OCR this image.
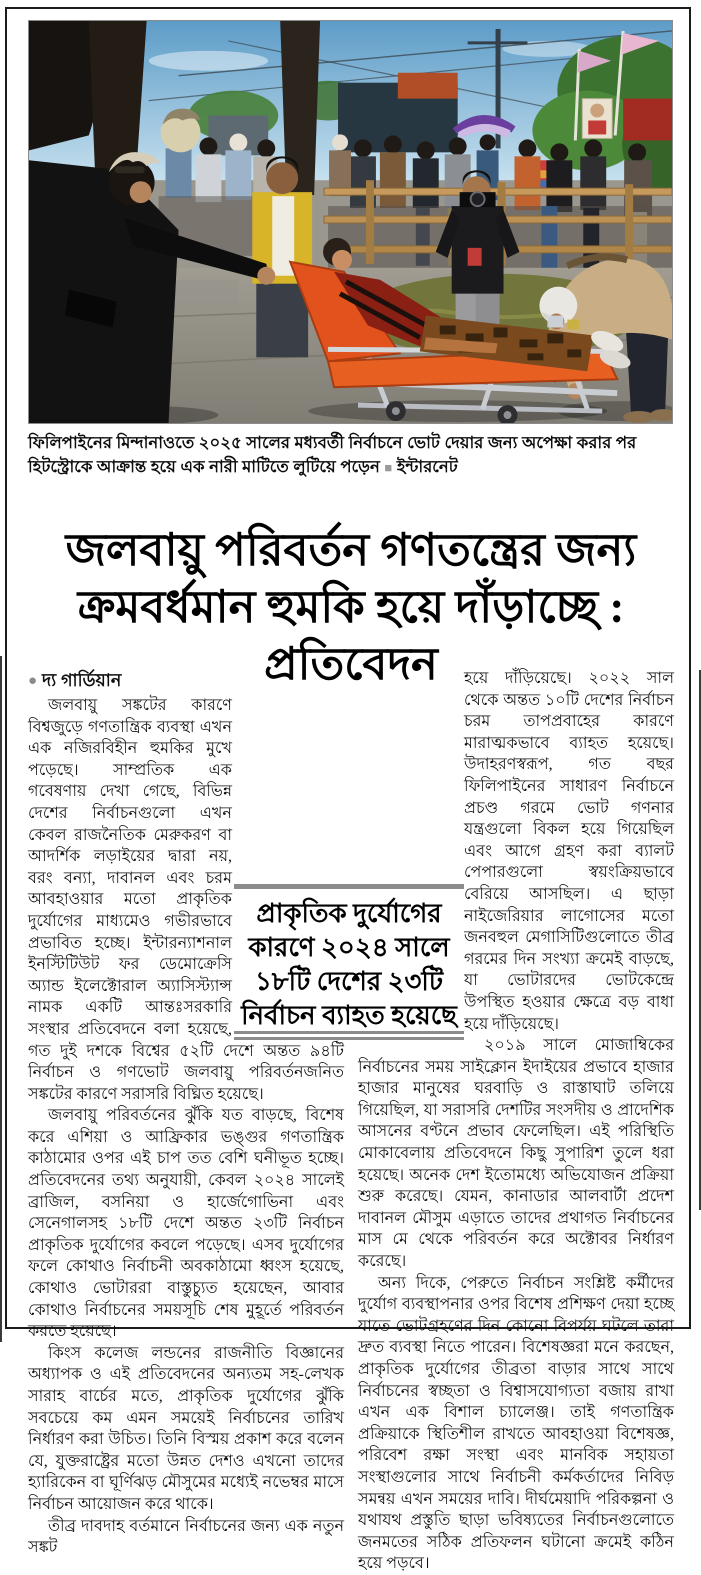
ফিলিপাইনের মিন্দানাওতে ২০২৫ সালের মধ্যবর্তী নির্বাচনে ভোট দেয়ার জন্য অপেক্ষা করার পর হিটস্ট্রোকে আক্রান্ত হয়ে এক নারী মাটিতে লুটিয়ে পড়েন ■ ইন্টারনেট
জলবায়ু পরিবর্তন গণতন্ত্রের জন্য ক্রমবর্ধমান হুমকি হয়ে দাঁড়াচ্ছে : প্রতিবেদন
● দ্য গার্ডিয়ান

জলবায়ু সঙ্কটের কারণে বিশ্বজুড়ে গণতান্ত্রিক ব্যবস্থা এখন এক নজিরবিহীন হুমকির মুখে পড়েছে। সাম্প্রতিক এক গবেষণায় দেখা গেছে, বিভিন্ন দেশের নির্বাচনগুলো এখন কেবল রাজনৈতিক মেরুকরণ বা আদর্শিক লড়াইয়ের দ্বারা নয়, বরং বন্যা, দাবানল এবং চরম আবহাওয়ার মতো প্রাকৃতিক দুর্যোগের মাধ্যমেও গভীরভাবে প্রভাবিত হচ্ছে। ইন্টারন্যাশনাল ইনস্টিটিউট ফর ডেমোক্রেসি অ্যান্ড ইলেক্টোরাল অ্যাসিস্ট্যান্স নামক একটি আন্তঃসরকারি সংস্থার প্রতিবেদনে বলা হয়েছে, গত দুই দশকে বিশ্বের ৫২টি দেশে অন্তত ৯৪টি নির্বাচন ও গণভোট জলবায়ু পরিবর্তনজনিত সঙ্কটের কারণে সরাসরি বিঘ্নিত হয়েছে।

জলবায়ু পরিবর্তনের ঝুঁকি যত বাড়ছে, বিশেষ করে এশিয়া ও আফ্রিকার ভঙ্গুর গণতান্ত্রিক কাঠামোর ওপর এই চাপ তত বেশি ঘনীভূত হচ্ছে। প্রতিবেদনের তথ্য অনুযায়ী, কেবল ২০২৪ সালেই ব্রাজিল, বসনিয়া ও হার্জেগোভিনা এবং সেনেগালসহ ১৮টি দেশে অন্তত ২৩টি নির্বাচন প্রাকৃতিক দুর্যোগের কবলে পড়েছে। এসব দুর্যোগের ফলে কোথাও নির্বাচনী অবকাঠামো ধ্বংস হয়েছে, কোথাও ভোটাররা বাস্তুচ্যুত হয়েছেন, আবার কোথাও নির্বাচনের সময়সূচি শেষ মুহূর্তে পরিবর্তন করতে হয়েছে।

কিংস কলেজ লন্ডনের রাজনীতি বিজ্ঞানের অধ্যাপক ও এই প্রতিবেদনের অন্যতম সহ-লেখক সারাহ বার্চের মতে, প্রাকৃতিক দুর্যোগের ঝুঁকি সবচেয়ে কম এমন সময়েই নির্বাচনের তারিখ নির্ধারণ করা উচিত। তিনি বিস্ময় প্রকাশ করে বলেন যে, যুক্তরাষ্ট্রের মতো উন্নত দেশও এখনো তাদের হ্যারিকেন বা ঘূর্ণিঝড় মৌসুমের মধ্যেই নভেম্বর মাসে নির্বাচন আয়োজন করে থাকে।

তীব্র দাবদাহ বর্তমানে নির্বাচনের জন্য এক নতুন সঙ্কট

হয়ে দাঁড়িয়েছে। ২০২২ সাল থেকে অন্তত ১০টি দেশের নির্বাচন চরম তাপপ্রবাহের কারণে মারাত্মকভাবে ব্যাহত হয়েছে। উদাহরণস্বরূপ, গত বছর ফিলিপাইনের সাধারণ নির্বাচনে প্রচণ্ড গরমে ভোট গণনার যন্ত্রগুলো বিকল হয়ে গিয়েছিল এবং আগে গ্রহণ করা ব্যালট পেপারগুলো স্বয়ংক্রিয়ভাবে বেরিয়ে আসছিল। এ ছাড়া নাইজেরিয়ার লাগোসের মতো জনবহুল মেগাসিটিগুলোতে তীব্র গরমের দিন সংখ্যা ক্রমেই বাড়ছে, যা ভোটারদের ভোটকেন্দ্রে উপস্থিত হওয়ার ক্ষেত্রে বড় বাধা হয়ে দাঁড়িয়েছে।

২০১৯ সালে মোজাম্বিকের নির্বাচনের সময় সাইক্লোন ইদাইয়ের প্রভাবে হাজার হাজার মানুষের ঘরবাড়ি ও রাস্তাঘাট তলিয়ে গিয়েছিল, যা সরাসরি দেশটির সংসদীয় ও প্রাদেশিক আসনের বণ্টনে প্রভাব ফেলেছিল। এই পরিস্থিতি মোকাবেলায় প্রতিবেদনে কিছু সুপারিশ তুলে ধরা হয়েছে। অনেক দেশ ইতোমধ্যে অভিযোজন প্রক্রিয়া শুরু করেছে। যেমন, কানাডার আলবার্টা প্রদেশ দাবানল মৌসুম এড়াতে তাদের প্রথাগত নির্বাচনের মাস মে থেকে পরিবর্তন করে অক্টোবর নির্ধারণ করেছে।

অন্য দিকে, পেরুতে নির্বাচন সংশ্লিষ্ট কর্মীদের দুর্যোগ ব্যবস্থাপনার ওপর বিশেষ প্রশিক্ষণ দেয়া হচ্ছে যাতে ভোটগ্রহণের দিন কোনো বিপর্যয় ঘটলে তারা দ্রুত ব্যবস্থা নিতে পারেন। বিশেষজ্ঞরা মনে করছেন, প্রাকৃতিক দুর্যোগের তীব্রতা বাড়ার সাথে সাথে নির্বাচনের স্বচ্ছতা ও বিশ্বাসযোগ্যতা বজায় রাখা এখন এক বিশাল চ্যালেঞ্জ। তাই গণতান্ত্রিক প্রক্রিয়াকে স্থিতিশীল রাখতে আবহাওয়া বিশেষজ্ঞ, পরিবেশ রক্ষা সংস্থা এবং মানবিক সহায়তা সংস্থাগুলোর সাথে নির্বাচনী কর্মকর্তাদের নিবিড় সমন্বয় এখন সময়ের দাবি। দীর্ঘমেয়াদি পরিকল্পনা ও যথাযথ প্রস্তুতি ছাড়া ভবিষ্যতের নির্বাচনগুলোতে জনমতের সঠিক প্রতিফলন ঘটানো ক্রমেই কঠিন হয়ে পড়বে।

প্রাকৃতিক দুর্যোগের কারণে ২০২৪ সালে ১৮টি দেশের ২৩টি নির্বাচন ব্যাহত হয়েছে
